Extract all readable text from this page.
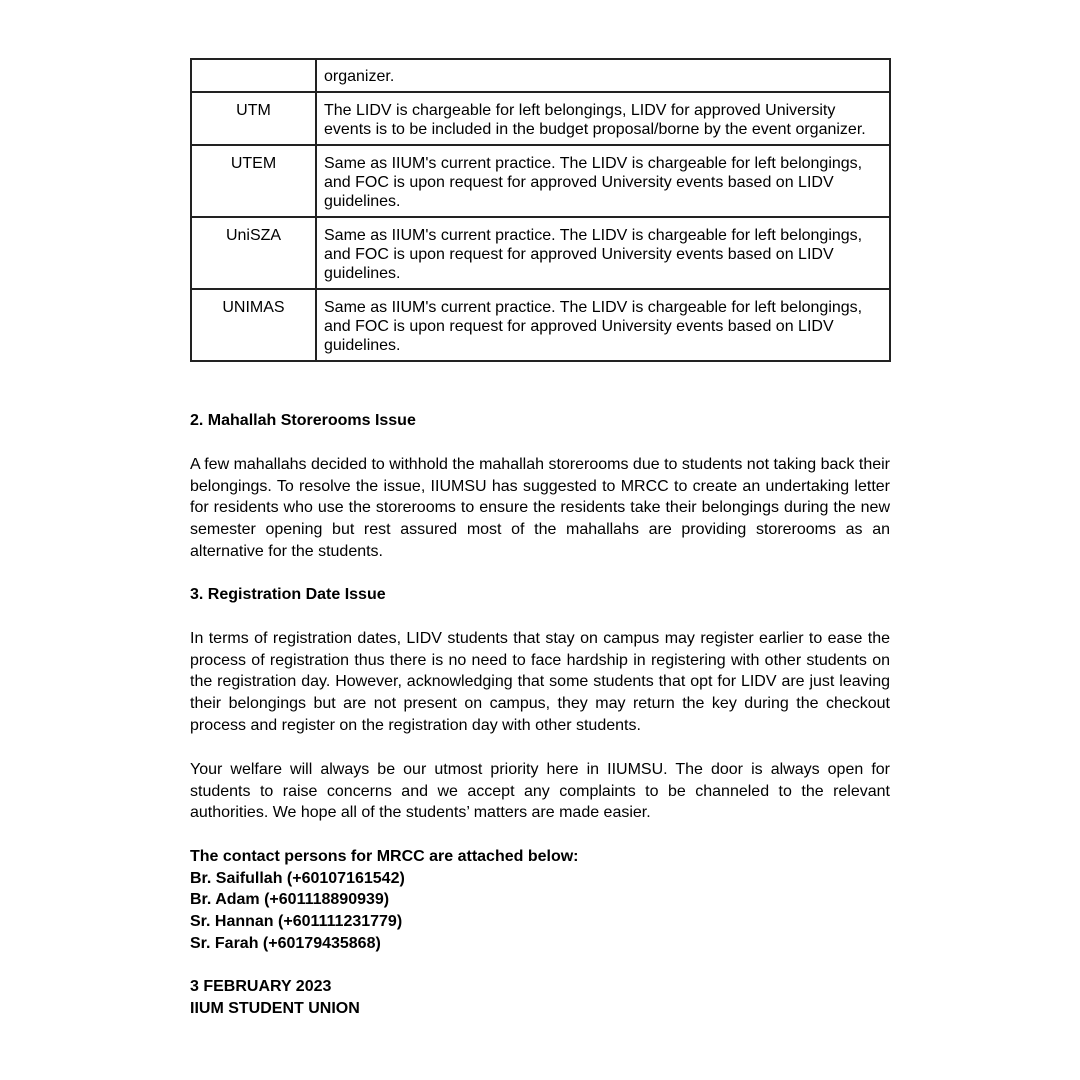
	organizer.
UTM	The LIDV is chargeable for left belongings, LIDV for approved University events is to be included in the budget proposal/borne by the event organizer.
UTEM	Same as IIUM's current practice. The LIDV is chargeable for left belongings, and FOC is upon request for approved University events based on LIDV guidelines.
UniSZA	Same as IIUM's current practice. The LIDV is chargeable for left belongings, and FOC is upon request for approved University events based on LIDV guidelines.
UNIMAS	Same as IIUM's current practice. The LIDV is chargeable for left belongings, and FOC is upon request for approved University events based on LIDV guidelines.

2. Mahallah Storerooms Issue

A few mahallahs decided to withhold the mahallah storerooms due to students not taking back their belongings. To resolve the issue, IIUMSU has suggested to MRCC to create an undertaking letter for residents who use the storerooms to ensure the residents take their belongings during the new semester opening but rest assured most of the mahallahs are providing storerooms as an alternative for the students.

3. Registration Date Issue

In terms of registration dates, LIDV students that stay on campus may register earlier to ease the process of registration thus there is no need to face hardship in registering with other students on the registration day. However, acknowledging that some students that opt for LIDV are just leaving their belongings but are not present on campus, they may return the key during the checkout process and register on the registration day with other students.

Your welfare will always be our utmost priority here in IIUMSU. The door is always open for students to raise concerns and we accept any complaints to be channeled to the relevant authorities. We hope all of the students’ matters are made easier.

The contact persons for MRCC are attached below:
Br. Saifullah (+60107161542)
Br. Adam (+601118890939)
Sr. Hannan (+601111231779)
Sr. Farah (+60179435868)
3 FEBRUARY 2023
IIUM STUDENT UNION
